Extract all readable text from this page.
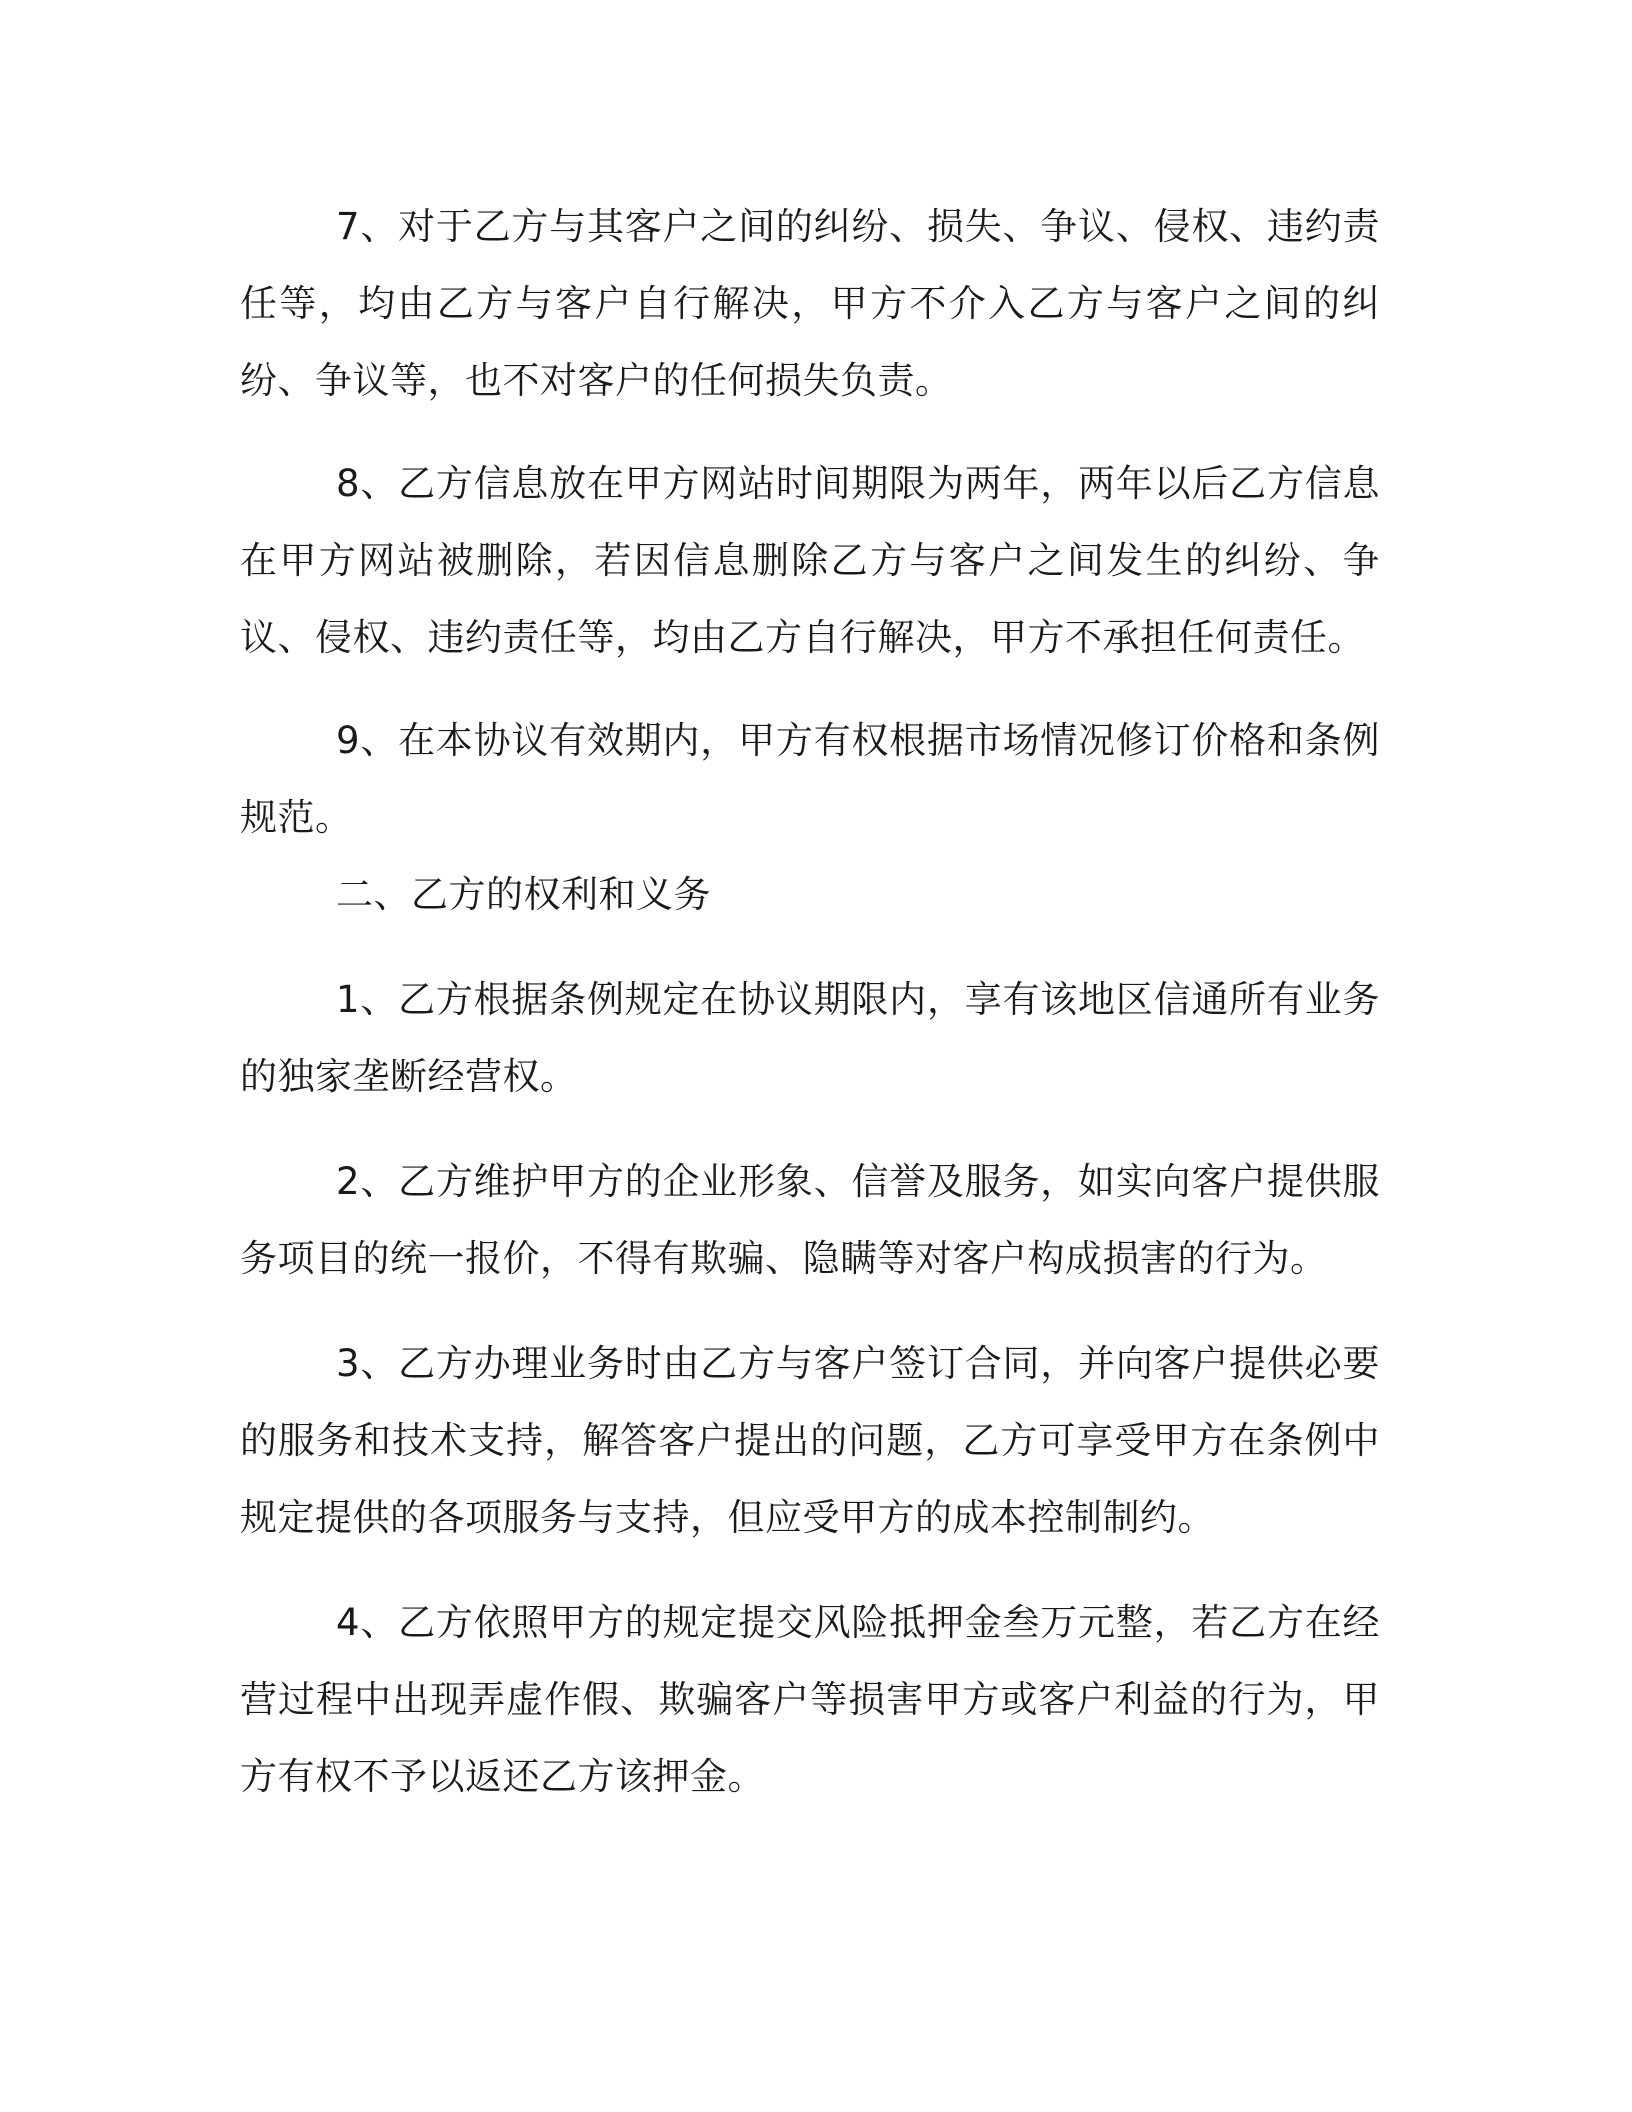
7、对于乙方与其客户之间的纠纷、损失、争议、侵权、违约责任等，均由乙方与客户自行解决，甲方不介入乙方与客户之间的纠纷、争议等，也不对客户的任何损失负责。

8、乙方信息放在甲方网站时间期限为两年，两年以后乙方信息在甲方网站被删除，若因信息删除乙方与客户之间发生的纠纷、争议、侵权、违约责任等，均由乙方自行解决，甲方不承担任何责任。

9、在本协议有效期内，甲方有权根据市场情况修订价格和条例规范。

二、乙方的权利和义务

1、乙方根据条例规定在协议期限内，享有该地区信通所有业务的独家垄断经营权。

2、乙方维护甲方的企业形象、信誉及服务，如实向客户提供服务项目的统一报价，不得有欺骗、隐瞒等对客户构成损害的行为。

3、乙方办理业务时由乙方与客户签订合同，并向客户提供必要的服务和技术支持，解答客户提出的问题，乙方可享受甲方在条例中规定提供的各项服务与支持，但应受甲方的成本控制制约。

4、乙方依照甲方的规定提交风险抵押金叁万元整，若乙方在经营过程中出现弄虚作假、欺骗客户等损害甲方或客户利益的行为，甲方有权不予以返还乙方该押金。
